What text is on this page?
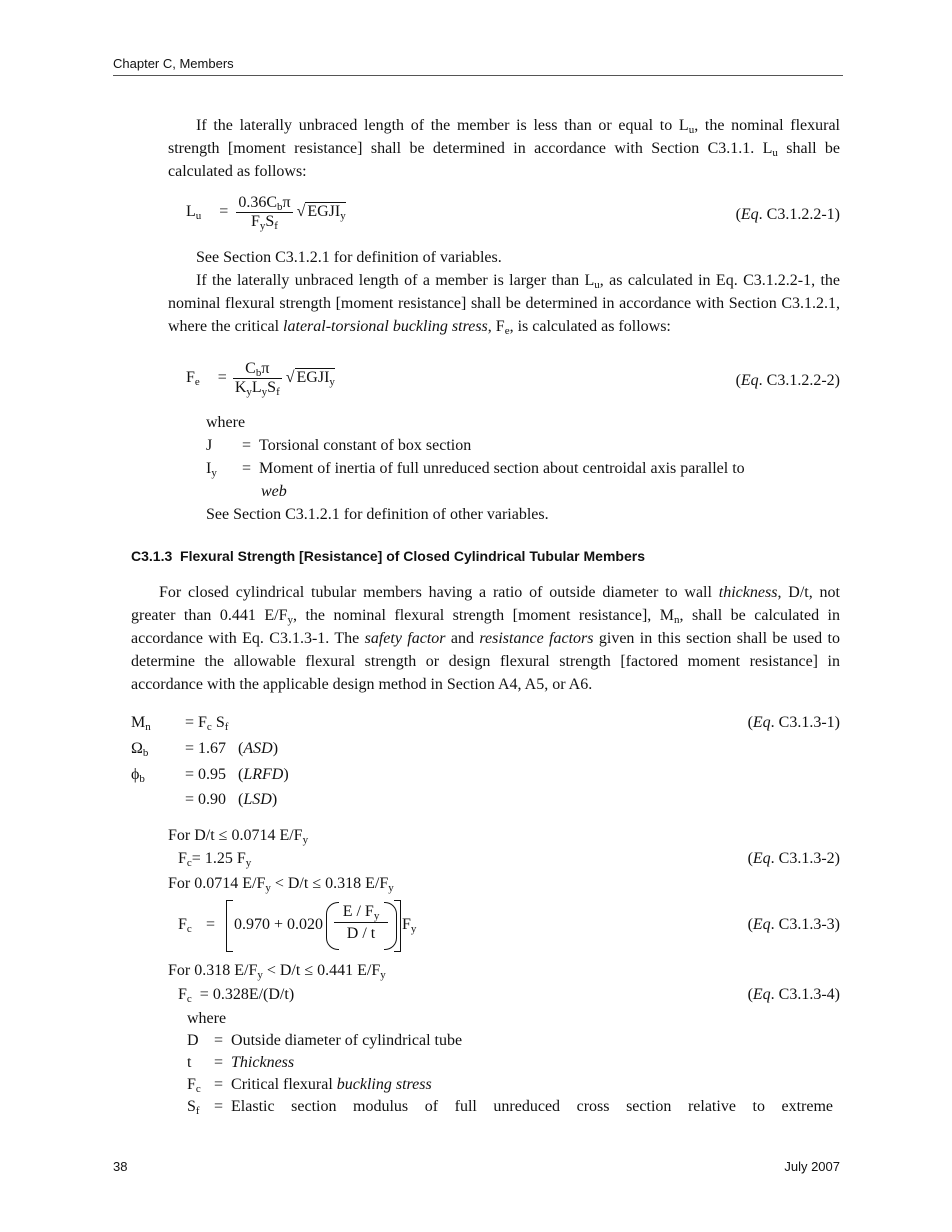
Chapter C, Members
If the laterally unbraced length of the member is less than or equal to $L_u$, the nominal flexural strength [moment resistance] shall be determined in accordance with Section C3.1.1. $L_u$ shall be calculated as follows:
$L_u = \frac{0.36C_b\pi}{F_yS_f}$ √ $EGJI_y$	(Eq. C3.1.2.2-1)
See Section C3.1.2.1 for definition of variables.
If the laterally unbraced length of a member is larger than $L_u$, as calculated in Eq. C3.1.2.2-1, the nominal flexural strength [moment resistance] shall be determined in accordance with Section C3.1.2.1, where the critical lateral-torsional buckling stress, $F_e$, is calculated as follows:
$F_e = \frac{C_b\pi}{K_yL_yS_f}$ √ $EGJI_y$	(Eq. C3.1.2.2-2)
where
J = Torsional constant of box section
$I_y$ = Moment of inertia of full unreduced section about centroidal axis parallel to
web
See Section C3.1.2.1 for definition of other variables.
C3.1.3 Flexural Strength [Resistance] of Closed Cylindrical Tubular Members
For closed cylindrical tubular members having a ratio of outside diameter to wall thickness, D/t, not greater than 0.441 $E/F_y$, the nominal flexural strength [moment resistance], $M_n$, shall be calculated in accordance with Eq. C3.1.3-1. The safety factor and resistance factors given in this section shall be used to determine the allowable flexural strength or design flexural strength [factored moment resistance] in accordance with the applicable design method in Section A4, A5, or A6.
$M_n = F_c$ $S_f$	(Eq. C3.1.3-1)
$\Omega_b = 1.67$   (ASD)
$\phi_b$	= 0.95   (LRFD)
= 0.90   (LSD)
For D/t ≤ 0.0714 $E/F_y$
$F_c= 1.25$ $F_y$	(Eq. C3.1.3-2)
For 0.0714 $E/F_y < D/t \le 0.318$ $E/F_y$
$F_c = 0.970 + 0.020$
E / $F_y$
D / t
$F_y$	(Eq. C3.1.3-3)
For 0.318 $E/F_y < D/t \le 0.441$ $E/F_y$
$F_c = 0.328E/(D/t)$	(Eq. C3.1.3-4)
where
D = Outside diameter of cylindrical tube
t = Thickness
$F_c$ = Critical flexural buckling stress
$S_f$ = Elastic section modulus of full unreduced cross section relative to extreme
38	July 2007
